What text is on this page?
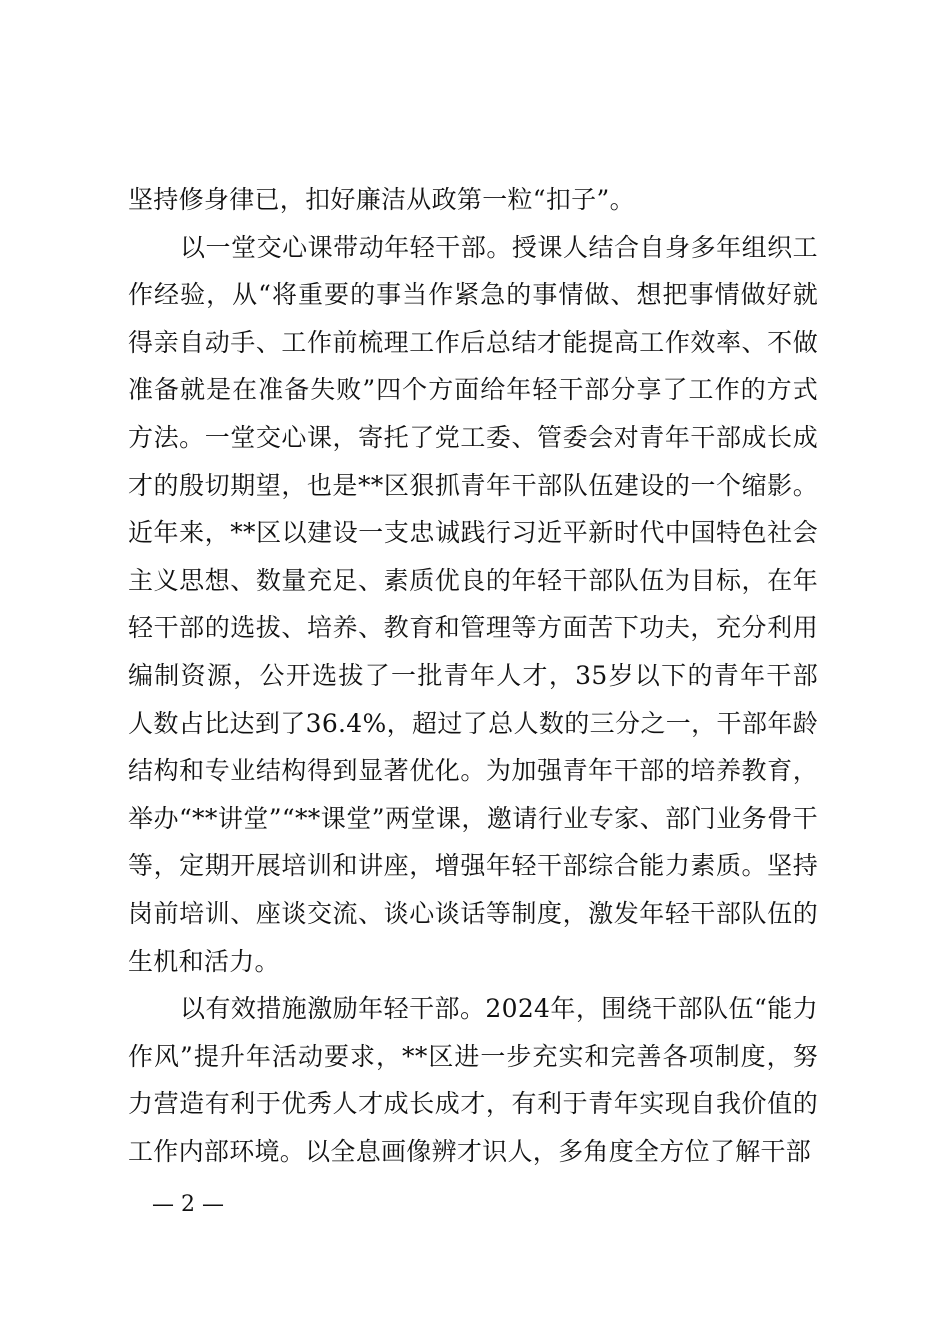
坚持修身律已，扣好廉洁从政第一粒“扣子”。

以一堂交心课带动年轻干部。授课人结合自身多年组织工作经验，从“将重要的事当作紧急的事情做、想把事情做好就得亲自动手、工作前梳理工作后总结才能提高工作效率、不做准备就是在准备失败”四个方面给年轻干部分享了工作的方式方法。一堂交心课，寄托了党工委、管委会对青年干部成长成才的殷切期望，也是**区狠抓青年干部队伍建设的一个缩影。近年来，**区以建设一支忠诚践行习近平新时代中国特色社会主义思想、数量充足、素质优良的年轻干部队伍为目标，在年轻干部的选拔、培养、教育和管理等方面苦下功夫，充分利用编制资源，公开选拔了一批青年人才，35岁以下的青年干部人数占比达到了36.4%，超过了总人数的三分之一，干部年龄结构和专业结构得到显著优化。为加强青年干部的培养教育，举办“**讲堂”“**课堂”两堂课，邀请行业专家、部门业务骨干等，定期开展培训和讲座，增强年轻干部综合能力素质。坚持岗前培训、座谈交流、谈心谈话等制度，激发年轻干部队伍的生机和活力。

以有效措施激励年轻干部。2024年，围绕干部队伍“能力作风”提升年活动要求，**区进一步充实和完善各项制度，努力营造有利于优秀人才成长成才，有利于青年实现自我价值的工作内部环境。以全息画像辨才识人，多角度全方位了解干部

— 2 —
